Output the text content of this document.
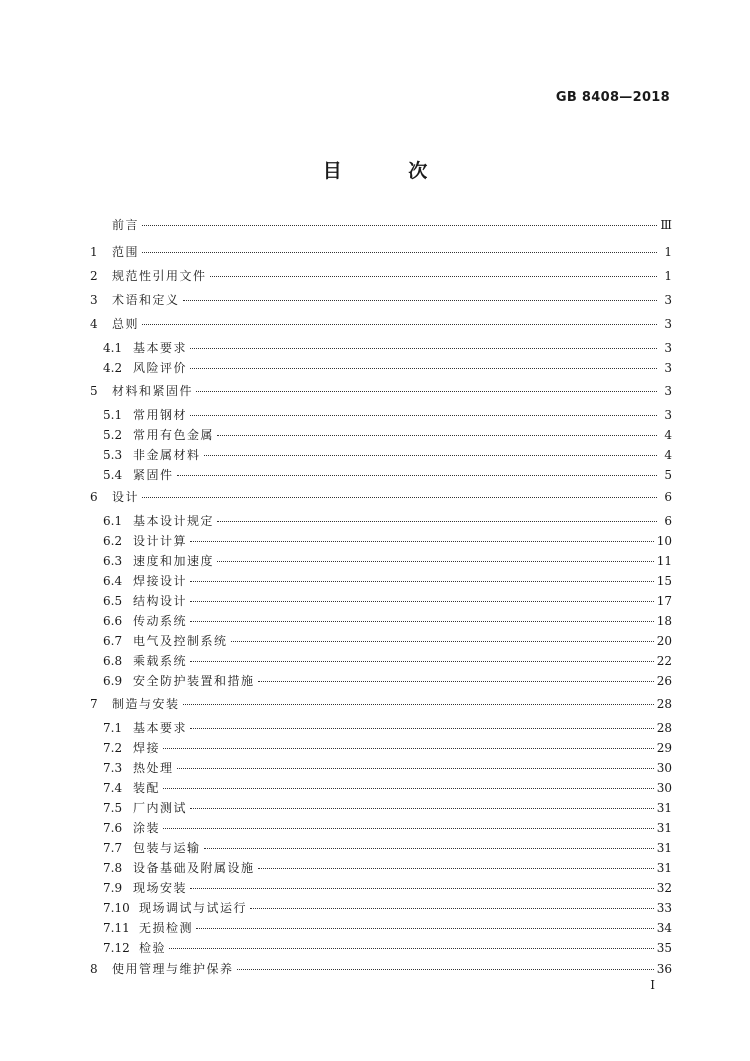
GB 8408—2018
目 次
前言	Ⅲ
1	范围	1
2	规范性引用文件	1
3	术语和定义	3
4	总则	3
4.1 基本要求	3
4.2 风险评价	3
5	材料和紧固件	3
5.1 常用钢材	3
5.2 常用有色金属	4
5.3 非金属材料	4
5.4 紧固件	5
6	设计	6
6.1 基本设计规定	6
6.2 设计计算	10
6.3 速度和加速度	11
6.4 焊接设计	15
6.5 结构设计	17
6.6 传动系统	18
6.7 电气及控制系统	20
6.8 乘载系统	22
6.9 安全防护装置和措施	26
7	制造与安装	28
7.1 基本要求	28
7.2 焊接	29
7.3 热处理	30
7.4 装配	30
7.5 厂内测试	31
7.6 涂装	31
7.7 包装与运输	31
7.8 设备基础及附属设施	31
7.9 现场安装	32
7.10 现场调试与试运行	33
7.11 无损检测	34
7.12 检验	35
8	使用管理与维护保养	36
I
